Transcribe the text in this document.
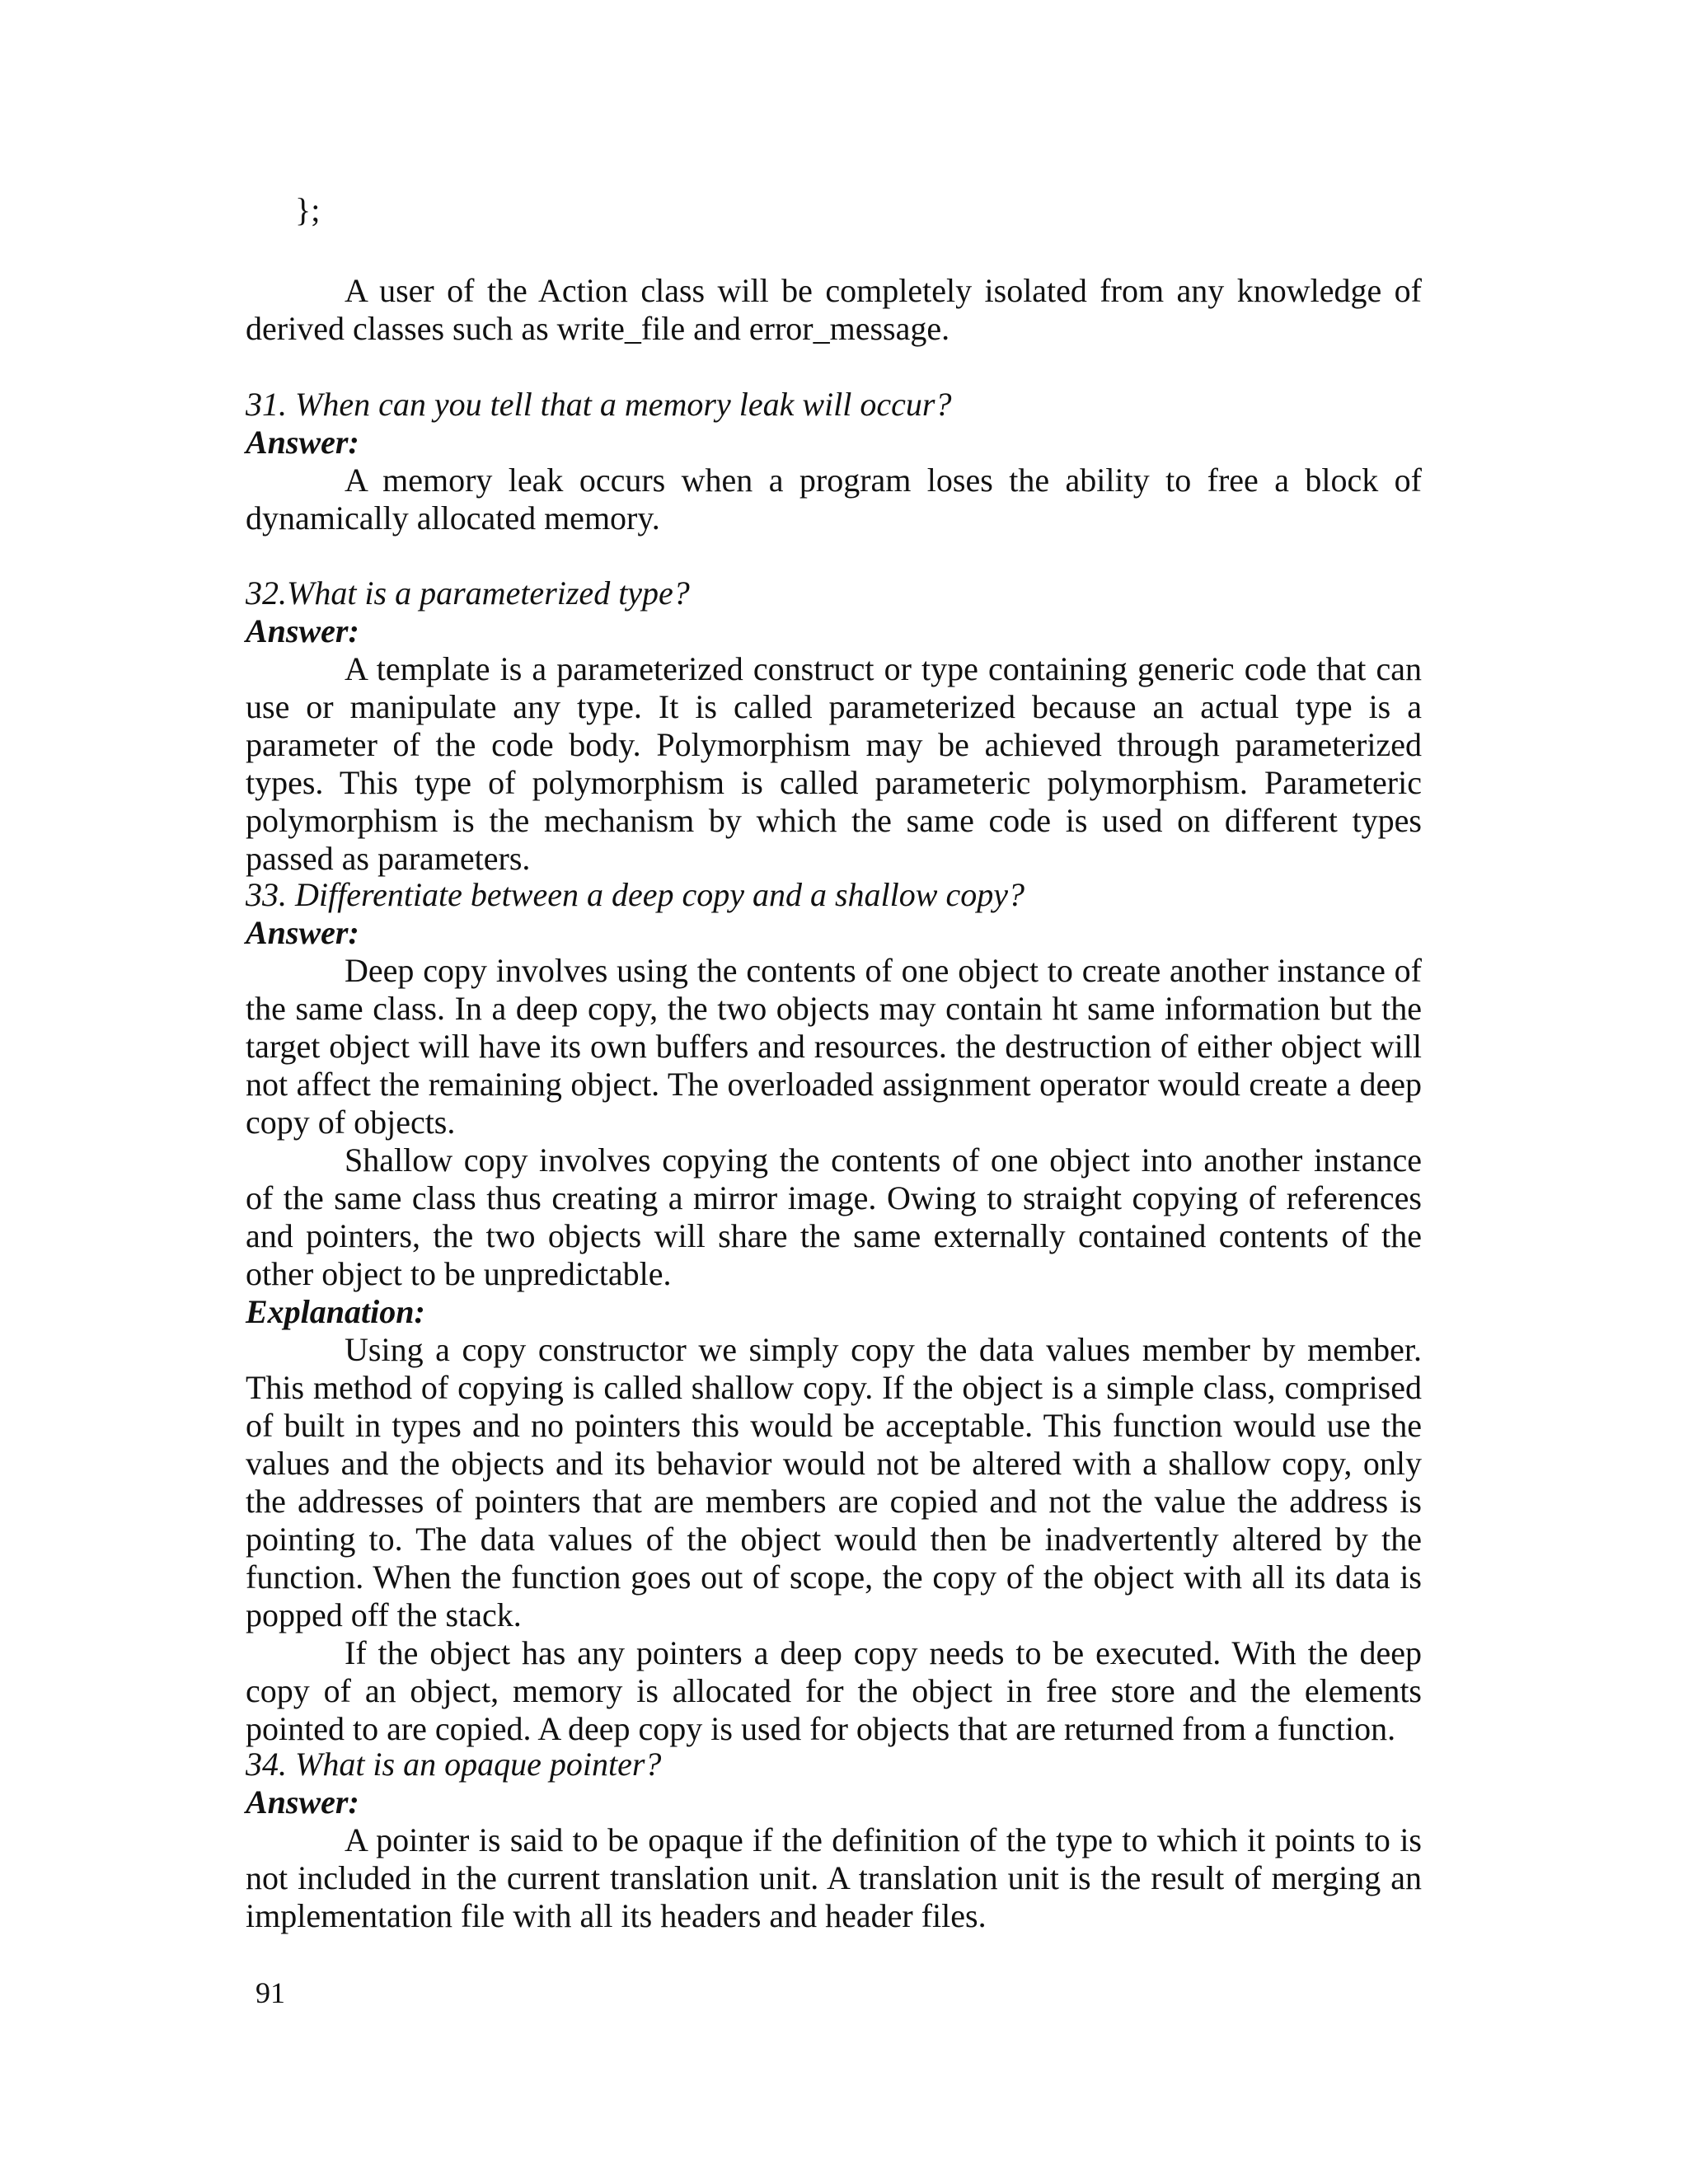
};

A user of the Action class will be completely isolated from any knowledge of derived classes such as write_file and error_message.

31. When can you tell that a memory leak will occur?

Answer:

A memory leak occurs when a program loses the ability to free a block of dynamically allocated memory.

32.What is a parameterized type?

Answer:

A template is a parameterized construct or type containing generic code that can use or manipulate any type. It is called parameterized because an actual type is a parameter of the code body. Polymorphism may be achieved through parameterized types. This type of polymorphism is called parameteric polymorphism. Parameteric polymorphism is the mechanism by which the same code is used on different types passed as parameters.

33. Differentiate between a deep copy and a shallow copy?

Answer:

Deep copy involves using the contents of one object to create another instance of the same class. In a deep copy, the two objects may contain ht same information but the target object will have its own buffers and resources. the destruction of either object will not affect the remaining object. The overloaded assignment operator would create a deep copy of objects.

Shallow copy involves copying the contents of one object into another instance of the same class thus creating a mirror image. Owing to straight copying of references and pointers, the two objects will share the same externally contained contents of the other object to be unpredictable.

Explanation:

Using a copy constructor we simply copy the data values member by member. This method of copying is called shallow copy. If the object is a simple class, comprised of built in types and no pointers this would be acceptable. This function would use the values and the objects and its behavior would not be altered with a shallow copy, only the addresses of pointers that are members are copied and not the value the address is pointing to. The data values of the object would then be inadvertently altered by the function. When the function goes out of scope, the copy of the object with all its data is popped off the stack.

If the object has any pointers a deep copy needs to be executed. With the deep copy of an object, memory is allocated for the object in free store and the elements pointed to are copied. A deep copy is used for objects that are returned from a function.

34. What is an opaque pointer?

Answer:

A pointer is said to be opaque if the definition of the type to which it points to is not included in the current translation unit. A translation unit is the result of merging an implementation file with all its headers and header files.

91
